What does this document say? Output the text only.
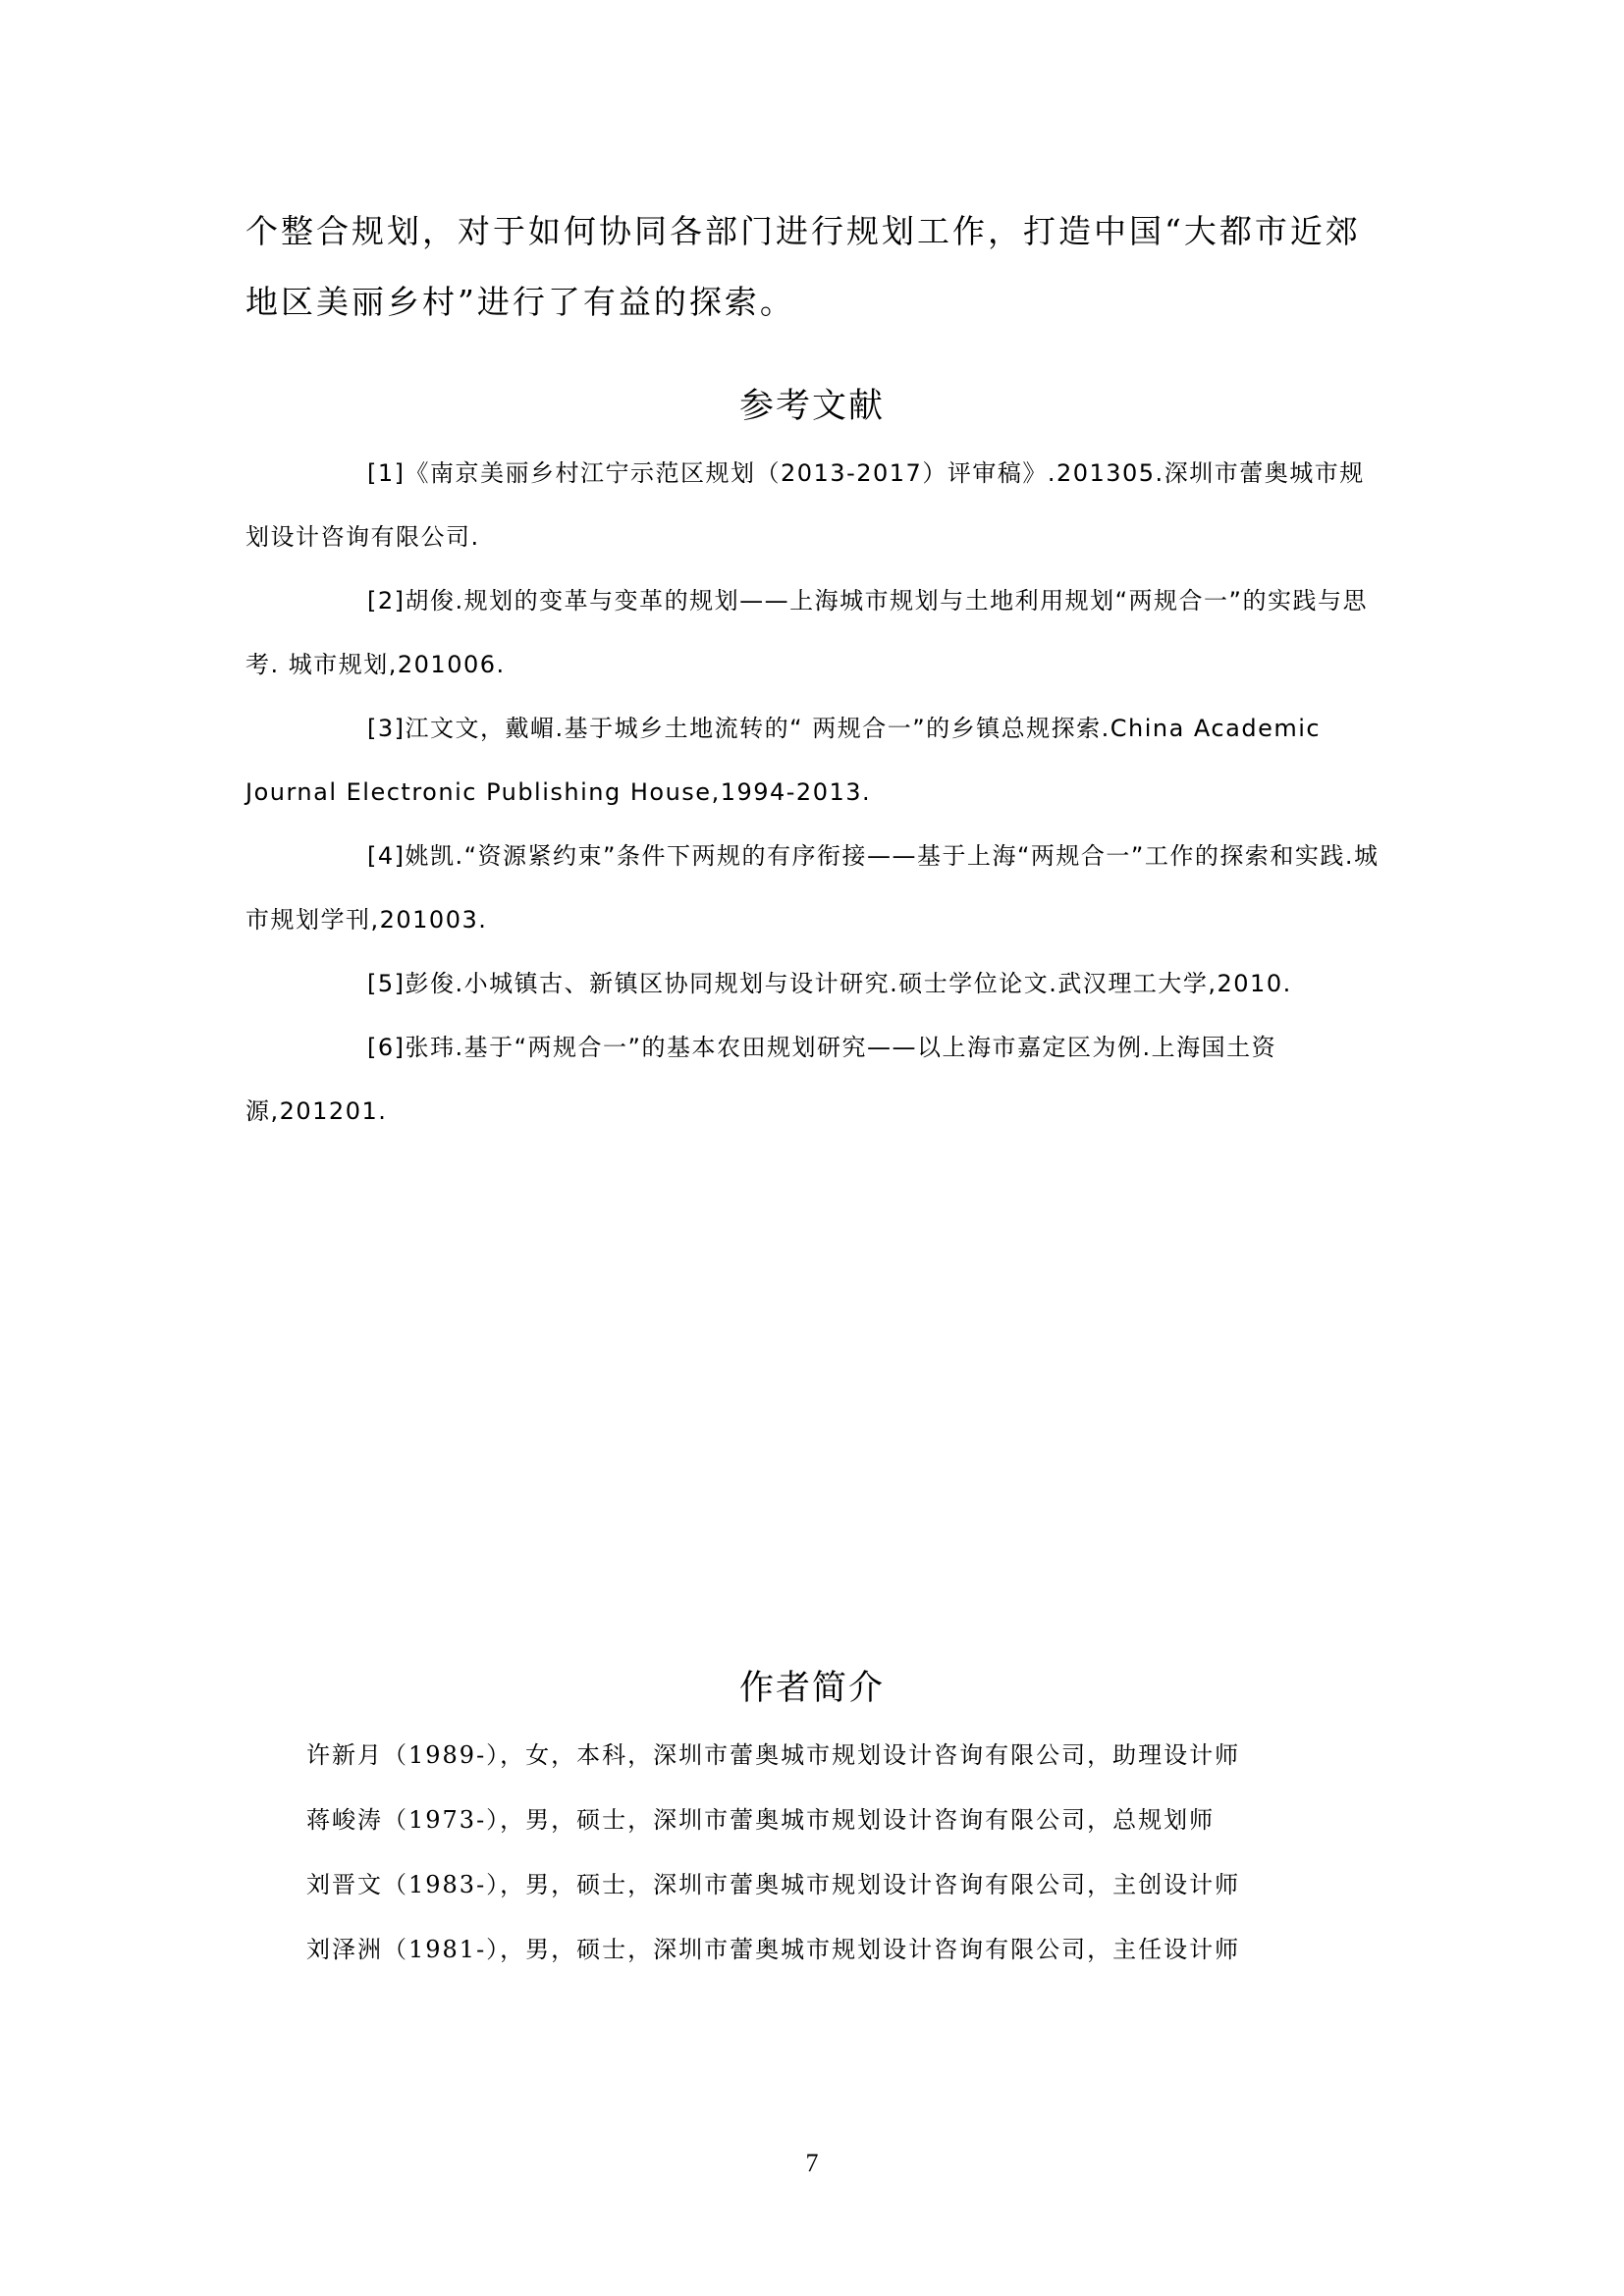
个整合规划，对于如何协同各部门进行规划工作，打造中国“大都市近郊地区美丽乡村”进行了有益的探索。

参考文献
[1]《南京美丽乡村江宁示范区规划（2013-2017）评审稿》.201305.深圳市蕾奥城市规划设计咨询有限公司.
[2]胡俊.规划的变革与变革的规划——上海城市规划与土地利用规划“两规合一”的实践与思考. 城市规划,201006.
[3]江文文，戴嵋.基于城乡土地流转的“ 两规合一”的乡镇总规探索.China Academic Journal Electronic Publishing House,1994-2013.
[4]姚凯.“资源紧约束”条件下两规的有序衔接——基于上海“两规合一”工作的探索和实践.城市规划学刊,201003.
[5]彭俊.小城镇古、新镇区协同规划与设计研究.硕士学位论文.武汉理工大学,2010.
[6]张玮.基于“两规合一”的基本农田规划研究——以上海市嘉定区为例.上海国土资源,201201.
作者简介
许新月（1989-），女，本科，深圳市蕾奥城市规划设计咨询有限公司，助理设计师
蒋峻涛（1973-），男，硕士，深圳市蕾奥城市规划设计咨询有限公司，总规划师
刘晋文（1983-），男，硕士，深圳市蕾奥城市规划设计咨询有限公司，主创设计师
刘泽洲（1981-），男，硕士，深圳市蕾奥城市规划设计咨询有限公司，主任设计师
7
